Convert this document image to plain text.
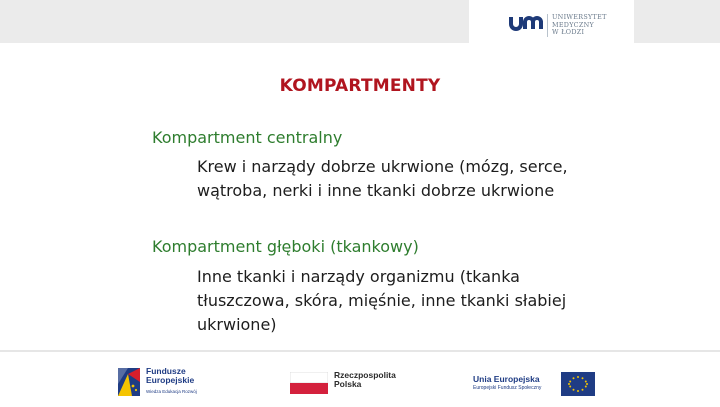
UNIWERSYTET
MEDYCZNY
W ŁODZI
KOMPARTMENTY
Kompartment centralny
Krew i narządy dobrze ukrwione (mózg, serce,
wątroba, nerki i inne tkanki dobrze ukrwione
Kompartment głęboki (tkankowy)
Inne tkanki i narządy organizmu (tkanka
tłuszczowa, skóra, mięśnie, inne tkanki słabiej
ukrwione)
Fundusze
Europejskie
Wiedza Edukacja Rozwój
Rzeczpospolita
Polska	Unia Europejska
Europejski Fundusz Społeczny
